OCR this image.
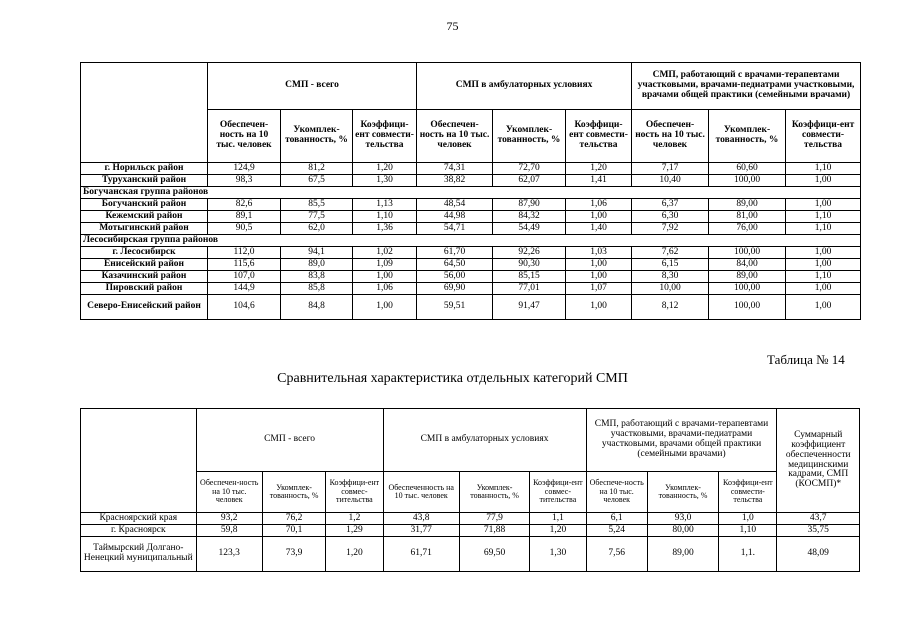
75
	СМП - всего			СМП в амбулаторных условиях			СМП, работающий с врачами-терапевтами участковыми, врачами-педиатрами участковыми, врачами общей практики (семейными врачами)		
	Обеспечен-ность на 10 тыс. человек	Укомплек-тованность, %	Коэффици-ент совмести-тельства	Обеспечен-ность на 10 тыс. человек	Укомплек-тованность, %	Коэффици-ент совмести-тельства	Обеспечен-ность на 10 тыс. человек	Укомплек-тованность, %	Коэффици-ент совмести-тельства
г. Норильск район	124,9	81,2	1,20	74,31	72,70	1,20	7,17	60,60	1,10
Туруханский район	98,3	67,5	1,30	38,82	62,07	1,41	10,40	100,00	1,00
Богучанская группа районов									
Богучанский район	82,6	85,5	1,13	48,54	87,90	1,06	6,37	89,00	1,00
Кежемский район	89,1	77,5	1,10	44,98	84,32	1,00	6,30	81,00	1,10
Мотыгинский район	90,5	62,0	1,36	54,71	54,49	1,40	7,92	76,00	1,10
Лесосибирская группа районов									
г. Лесосибирск	112,0	94,1	1,02	61,70	92,26	1,03	7,62	100,00	1,00
Енисейский район	115,6	89,0	1,09	64,50	90,30	1,00	6,15	84,00	1,00
Казачинский район	107,0	83,8	1,00	56,00	85,15	1,00	8,30	89,00	1,10
Пировский район	144,9	85,8	1,06	69,90	77,01	1,07	10,00	100,00	1,00
Северо-Енисейский район	104,6	84,8	1,00	59,51	91,47	1,00	8,12	100,00	1,00
Таблица № 14
Сравнительная характеристика отдельных категорий СМП
	СМП - всего			СМП в амбулаторных условиях			СМП, работающий с врачами-терапевтами участковыми, врачами-педиатрами участковыми, врачами общей практики (семейными врачами)			Суммарный коэффициент обеспеченности медицинскими кадрами, СМП (КОСМП)*
	Обеспечен-ность на 10 тыс. человек	Укомплек-тованность, %	Коэффици-ент совмес-тительства	Обеспеченность на 10 тыс. человек	Укомплек-тованность, %	Коэффици-ент совмес-тительства	Обеспече-ность на 10 тыс. человек	Укомплек-тованность, %	Коэффици-ент совмести-тельства	
Красноярский края	93,2	76,2	1,2	43,8	77,9	1,1	6,1	93,0	1,0	43,7
г. Красноярск	59,8	70,1	1,29	31,77	71,88	1,20	5,24	80,00	1,10	35,75
Таймырский Долгано-Ненецкий муниципальный	123,3	73,9	1,20	61,71	69,50	1,30	7,56	89,00	1,1.	48,09
